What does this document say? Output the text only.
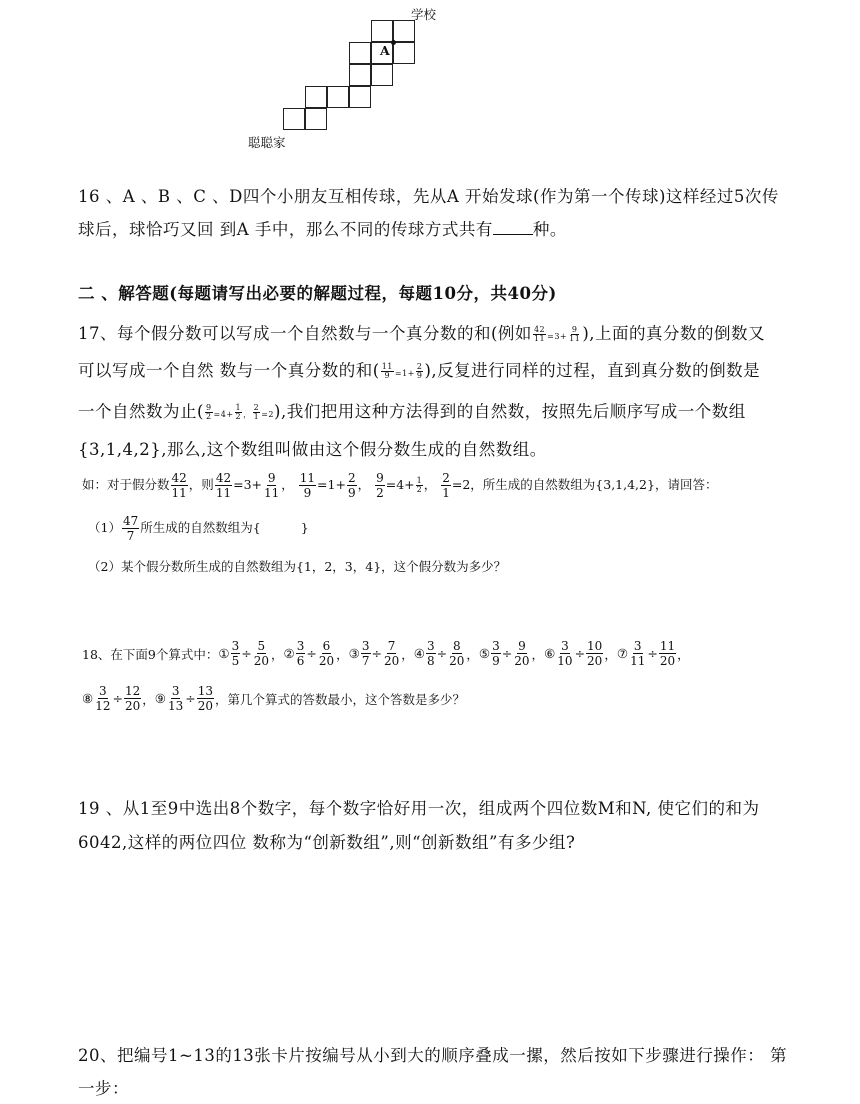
学校
A
聪聪家
16 、A 、B 、C 、D四个小朋友互相传球，先从A 开始发球(作为第一个传球)这样经过5次传
球后，球恰巧又回 到A 手中，那么不同的传球方式共有 种。
二 、解答题(每题请写出必要的解题过程，每题10分，共40分)
17、每个假分数可以写成一个自然数与一个真分数的和(例如 $\frac{42}{11} =3+ \frac{9}{11}$ ),上面的真分数的倒数又
可以写成一个自然 数与一个真分数的和( $\frac{11}{9} =1+ \frac{2}{9}$ ),反复进行同样的过程，直到真分数的倒数是
一个自然数为止( $\frac{9}{2} =4+ \frac{1}{2}$ ， $\frac{2}{1} =2$),我们把用这种方法得到的自然数，按照先后顺序写成一个数组
{3,1,4,2},那么,这个数组叫做由这个假分数生成的自然数组。
如：对于假分数 $\frac{42}{11}$ ，则 $\frac{42}{11} =3+ \frac{9}{11}$ ， $\frac{11}{9} =1+ \frac{2}{9}$ ， $\frac{9}{2} =4+ \frac{1}{2}$ ， $\frac{2}{1} =2$，所生成的自然数组为{3,1,4,2}，请回答：
$(1) \frac{47}{7}$ 所生成的自然数组为{	}
（2）某个假分数所生成的自然数组为{1，2，3，4}，这个假分数为多少？
18、在下面9个算式中： ① $\frac{3}{5} \div \frac{5}{20}$ ， ② $\frac{3}{6} \div \frac{6}{20}$ ， ③ $\frac{3}{7} \div \frac{7}{20}$ ， ④ $\frac{3}{8} \div \frac{8}{20}$ ， ⑤ $\frac{3}{9} \div \frac{9}{20}$ ， ⑥ $\frac{3}{10} \div \frac{10}{20}$ ， ⑦ $\frac{3}{11} \div \frac{11}{20}$ ，
⑧ $\frac{3}{12} \div \frac{12}{20}$ ， ⑨ $\frac{3}{13} \div \frac{13}{20}$ ，第几个算式的答数最小，这个答数是多少？
19 、从1至9中选出8个数字，每个数字恰好用一次，组成两个四位数M和N, 使它们的和为
6042,这样的两位四位 数称为“创新数组”,则“创新数组”有多少组?
20、把编号1~13的13张卡片按编号从小到大的顺序叠成一摞，然后按如下步骤进行操作： 第
一步：
